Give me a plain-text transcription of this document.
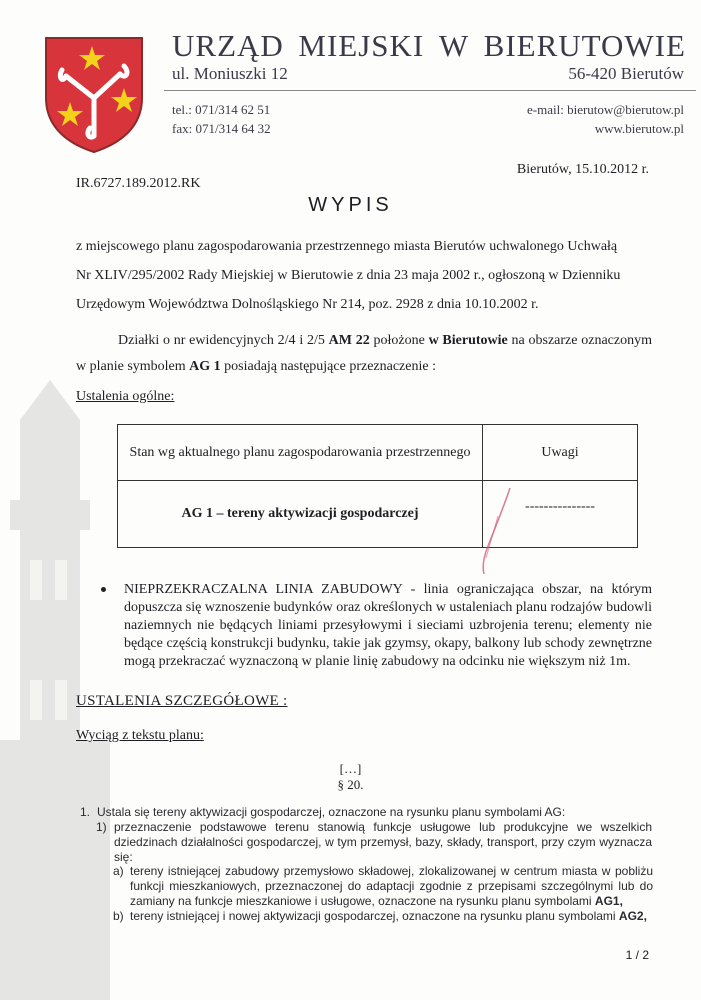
URZĄD MIEJSKI W BIERUTOWIE
ul. Moniuszki 12	56-420 Bierutów
tel.: 071/314 62 51
fax: 071/314 64 32
e-mail: bierutow@bierutow.pl
www.bierutow.pl
Bierutów, 15.10.2012 r.
IR.6727.189.2012.RK
WYPIS
z miejscowego planu zagospodarowania przestrzennego miasta Bierutów uchwalonego Uchwałą
Nr XLIV/295/2002 Rady Miejskiej w Bierutowie z dnia 23 maja 2002 r., ogłoszoną w Dzienniku
Urzędowym Województwa Dolnośląskiego Nr 214, poz. 2928 z dnia 10.10.2002 r.

Działki o nr ewidencyjnych 2/4 i 2/5 AM 22 położone w Bierutowie na obszarze oznaczonym w planie symbolem AG 1 posiadają następujące przeznaczenie :

Ustalenia ogólne:
Stan wg aktualnego planu zagospodarowania przestrzennego	Uwagi
AG 1 – tereny aktywizacji gospodarczej	---------------

NIEPRZEKRACZALNA LINIA ZABUDOWY - linia ograniczająca obszar, na którym dopuszcza się wznoszenie budynków oraz określonych w ustaleniach planu rodzajów budowli naziemnych nie będących liniami przesyłowymi i sieciami uzbrojenia terenu; elementy nie będące częścią konstrukcji budynku, takie jak gzymsy, okapy, balkony lub schody zewnętrzne mogą przekraczać wyznaczoną w planie linię zabudowy na odcinku nie większym niż 1m.

USTALENIA SZCZEGÓŁOWE :
Wyciąg z tekstu planu:
[…]
§ 20.
1. Ustala się tereny aktywizacji gospodarczej, oznaczone na rysunku planu symbolami AG:
1) przeznaczenie podstawowe terenu stanowią funkcje usługowe lub produkcyjne we wszelkich dziedzinach działalności gospodarczej, w tym przemysł, bazy, składy, transport, przy czym wyznacza się:
a) tereny istniejącej zabudowy przemysłowo składowej, zlokalizowanej w centrum miasta w pobliżu funkcji mieszkaniowych, przeznaczonej do adaptacji zgodnie z przepisami szczególnymi lub do zamiany na funkcje mieszkaniowe i usługowe, oznaczone na rysunku planu symbolami AG1,
b) tereny istniejącej i nowej aktywizacji gospodarczej, oznaczone na rysunku planu symbolami AG2,
1 / 2
